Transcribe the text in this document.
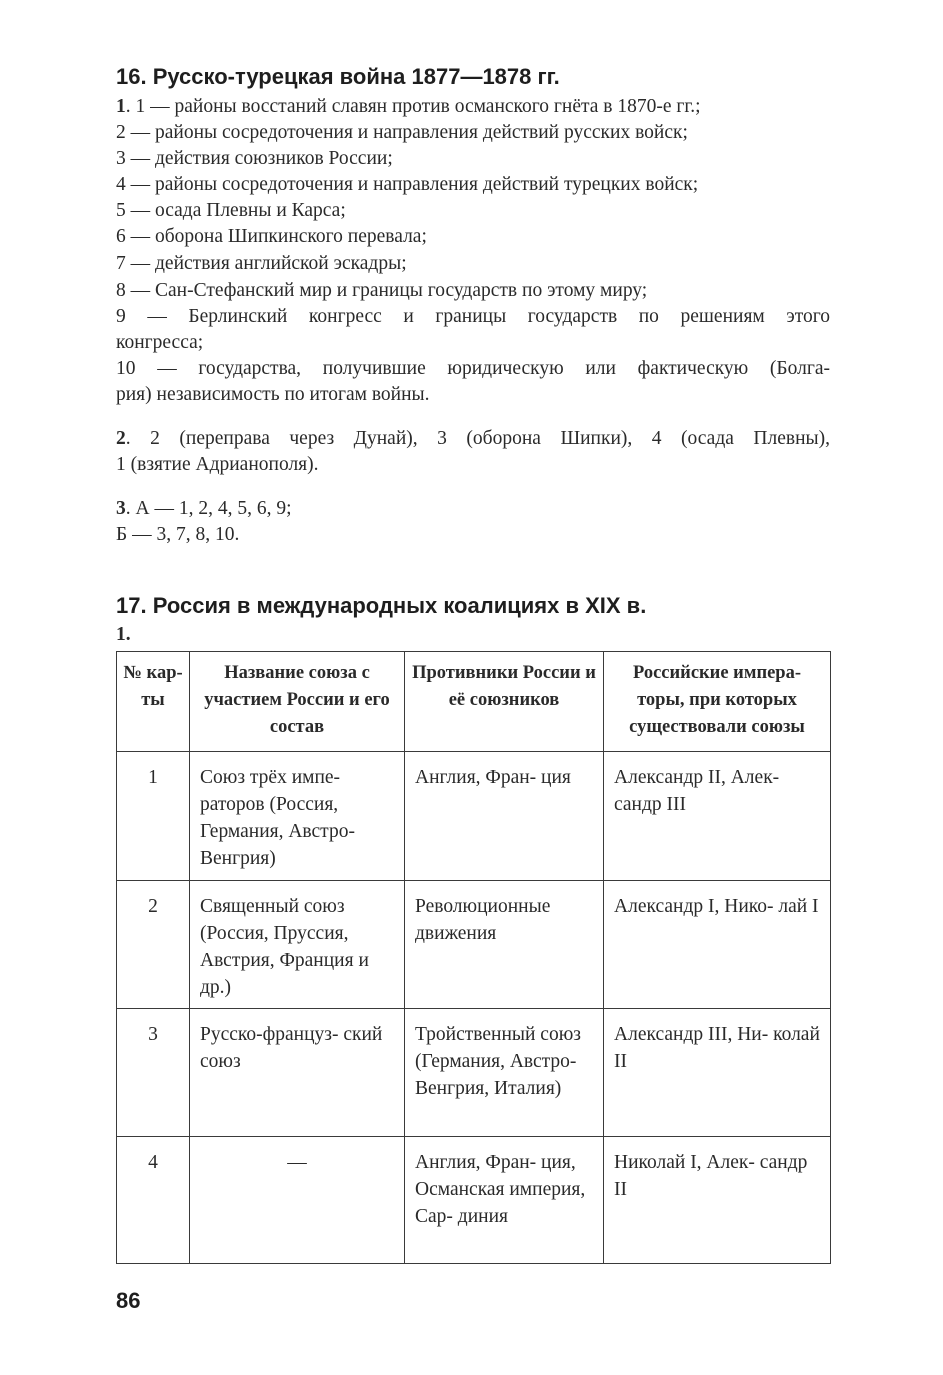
16. Русско-турецкая война 1877—1878 гг.
1. 1 — районы восстаний славян против османского гнёта в 1870-е гг.;
2 — районы сосредоточения и направления действий русских войск;
3 — действия союзников России;
4 — районы сосредоточения и направления действий турецких войск;
5 — осада Плевны и Карса;
6 — оборона Шипкинского перевала;
7 — действия английской эскадры;
8 — Сан-Стефанский мир и границы государств по этому миру;
9 — Берлинский конгресс и границы государств по решениям этого
конгресса;
10 — государства, получившие юридическую или фактическую (Болга-
рия) независимость по итогам войны.
2. 2 (переправа через Дунай), 3 (оборона Шипки), 4 (осада Плевны),
1 (взятие Адрианополя).
3. А — 1, 2, 4, 5, 6, 9;
Б — 3, 7, 8, 10.
17. Россия в международных коалициях в XIX в.
1.
№ кар- ты	Название союза с участием России и его состав	Противники России и её союзников	Российские импера- торы, при которых существовали союзы
1	Союз трёх импе- раторов (Россия, Германия, Австро- Венгрия)	Англия, Фран- ция	Александр II, Алек- сандр III
2	Священный союз (Россия, Пруссия, Австрия, Франция и др.)	Революционные движения	Александр I, Нико- лай I
3	Русско-француз- ский союз	Тройственный союз (Германия, Австро-Венгрия, Италия)	Александр III, Ни- колай II
4	—	Англия, Фран- ция, Османская империя, Сар- диния	Николай I, Алек- сандр II
86
